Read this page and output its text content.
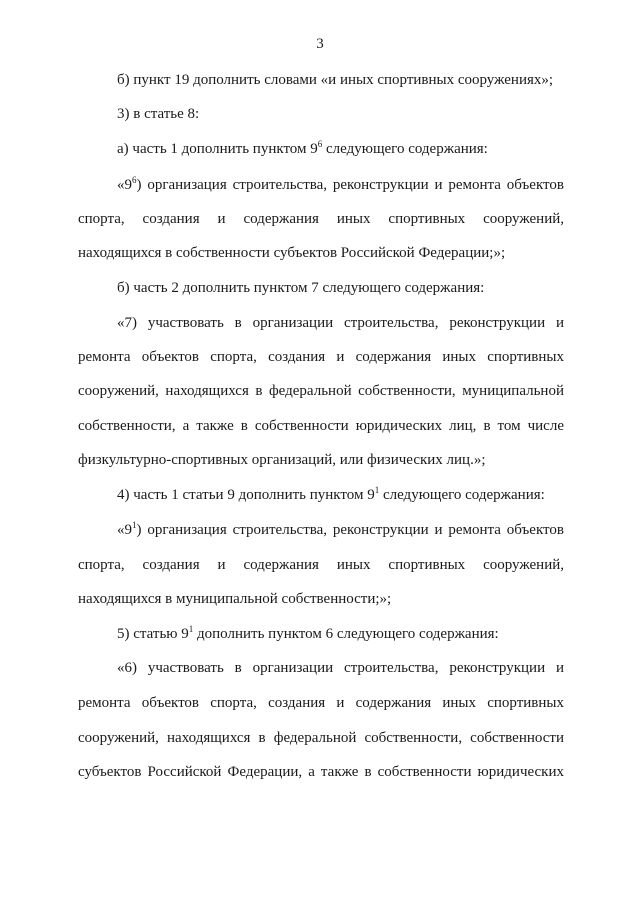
3
б) пункт 19 дополнить словами «и иных спортивных сооружениях»;
3) в статье 8:
а) часть 1 дополнить пунктом $9^6$ следующего содержания:
«$9^6$) организация строительства, реконструкции и ремонта объектов
спорта, создания и содержания иных спортивных сооружений,
находящихся в собственности субъектов Российской Федерации;»;
б) часть 2 дополнить пунктом 7 следующего содержания:
«7) участвовать в организации строительства, реконструкции и
ремонта объектов спорта, создания и содержания иных спортивных
сооружений, находящихся в федеральной собственности, муниципальной
собственности, а также в собственности юридических лиц, в том числе
физкультурно-спортивных организаций, или физических лиц.»;
4) часть 1 статьи 9 дополнить пунктом $9^1$ следующего содержания:
«$9^1$) организация строительства, реконструкции и ремонта объектов
спорта, создания и содержания иных спортивных сооружений,
находящихся в муниципальной собственности;»;
5) статью $9^1$ дополнить пунктом 6 следующего содержания:
«6) участвовать в организации строительства, реконструкции и
ремонта объектов спорта, создания и содержания иных спортивных
сооружений, находящихся в федеральной собственности, собственности
субъектов Российской Федерации, а также в собственности юридических
